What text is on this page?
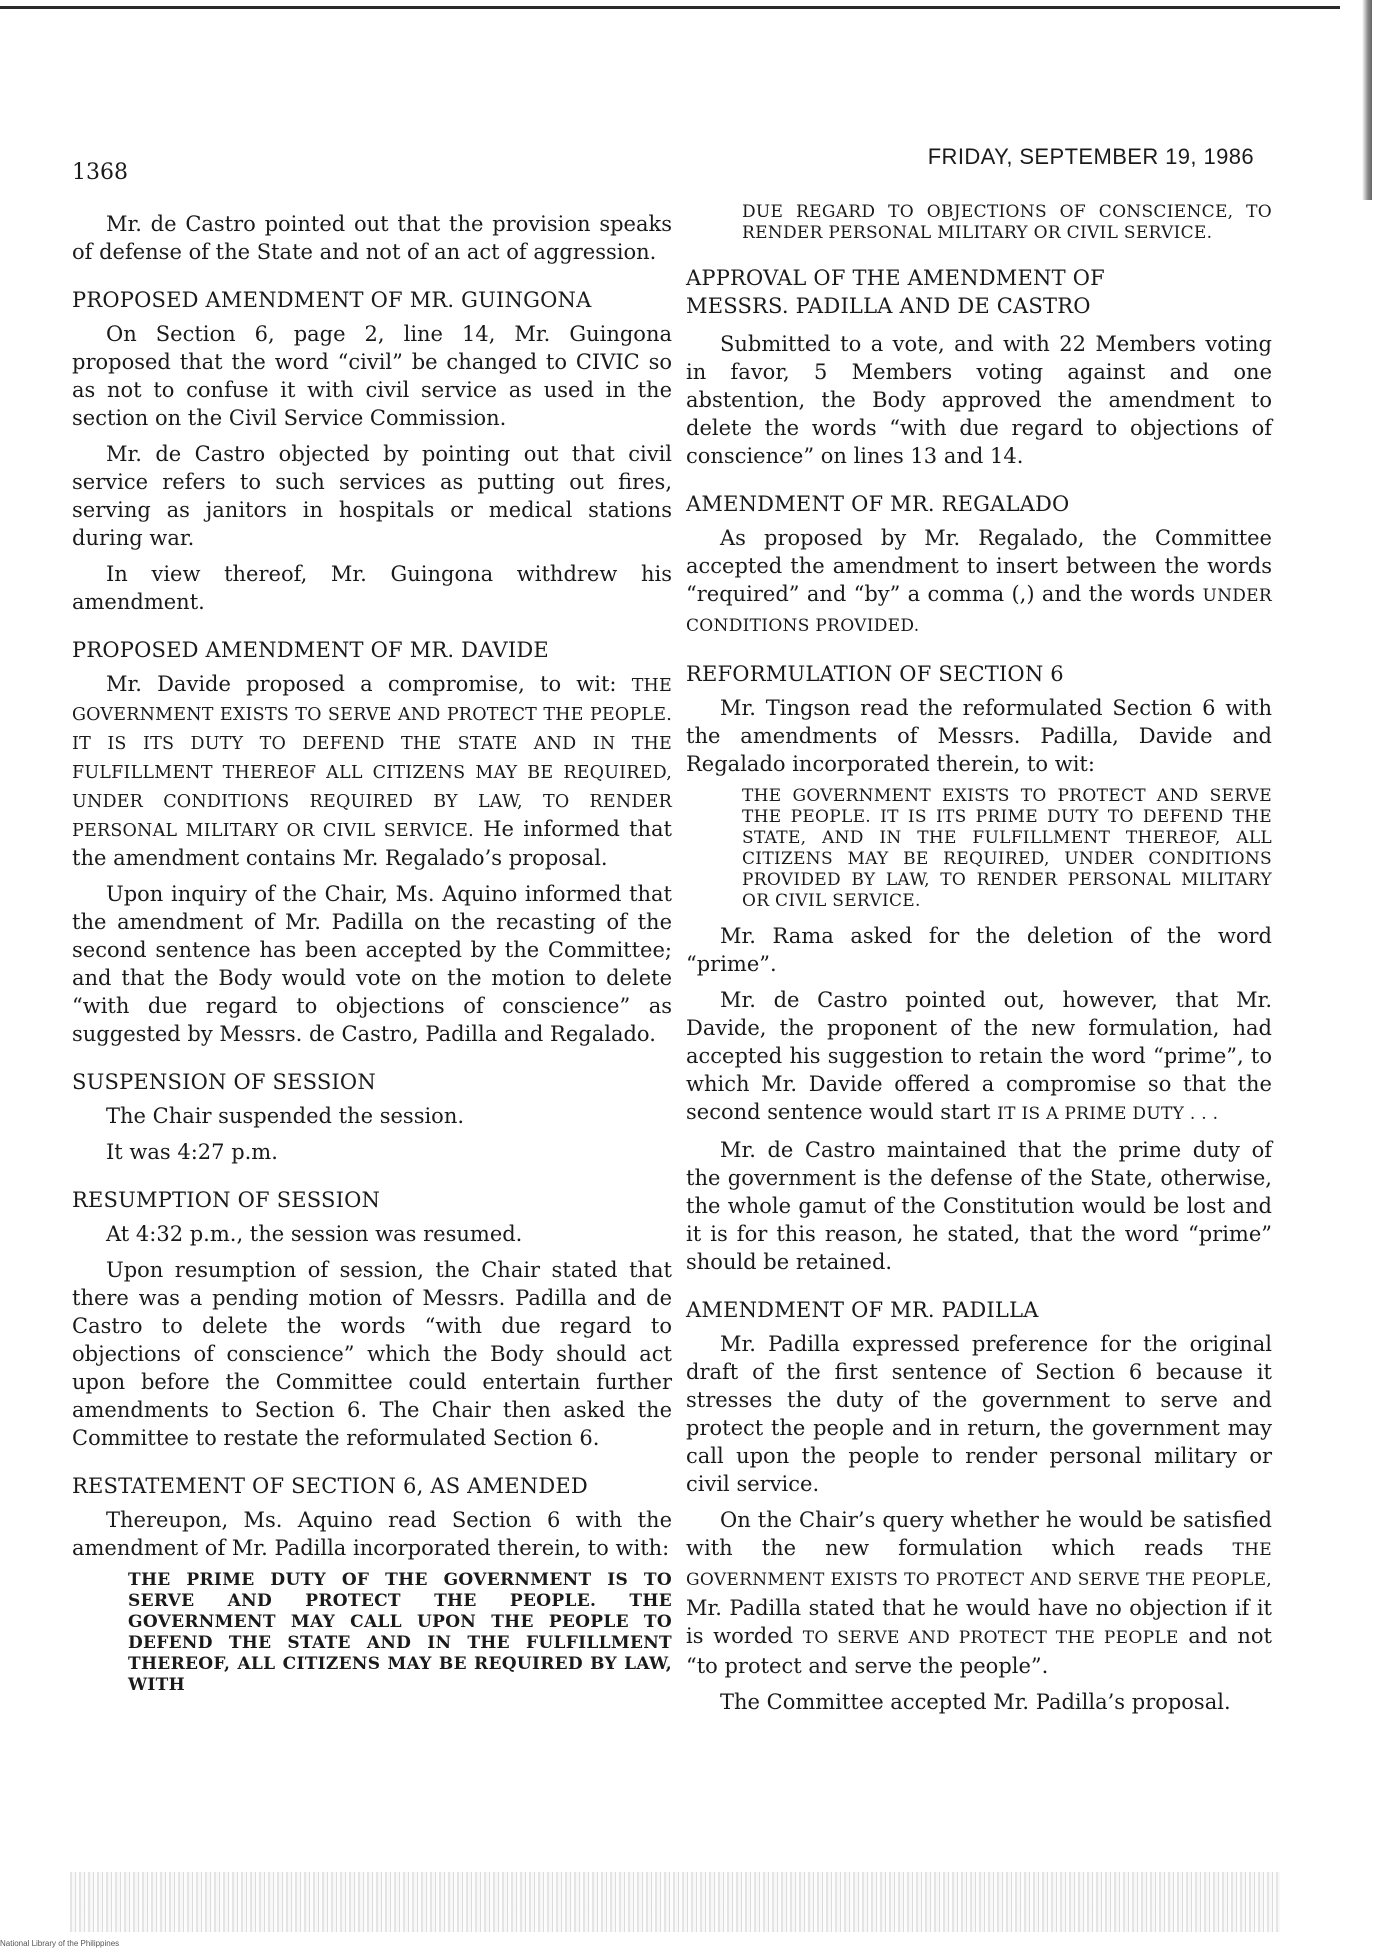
1368
FRIDAY, SEPTEMBER 19, 1986

Mr. de Castro pointed out that the provision speaks of defense of the State and not of an act of aggression.

PROPOSED AMENDMENT OF MR. GUINGONA

On Section 6, page 2, line 14, Mr. Guingona proposed that the word “civil” be changed to CIVIC so as not to confuse it with civil service as used in the section on the Civil Service Commission.

Mr. de Castro objected by pointing out that civil service refers to such services as putting out fires, serving as janitors in hospitals or medical stations during war.

In view thereof, Mr. Guingona withdrew his amendment.

PROPOSED AMENDMENT OF MR. DAVIDE

Mr. Davide proposed a compromise, to wit: THE GOVERNMENT EXISTS TO SERVE AND PROTECT THE PEOPLE. IT IS ITS DUTY TO DEFEND THE STATE AND IN THE FULFILLMENT THEREOF ALL CITIZENS MAY BE REQUIRED, UNDER CONDITIONS REQUIRED BY LAW, TO RENDER PERSONAL MILITARY OR CIVIL SERVICE. He informed that the amendment contains Mr. Regalado’s proposal.

Upon inquiry of the Chair, Ms. Aquino informed that the amendment of Mr. Padilla on the recasting of the second sentence has been accepted by the Committee; and that the Body would vote on the motion to delete “with due regard to objections of conscience” as suggested by Messrs. de Castro, Padilla and Regalado.

SUSPENSION OF SESSION

The Chair suspended the session.

It was 4:27 p.m.

RESUMPTION OF SESSION

At 4:32 p.m., the session was resumed.

Upon resumption of session, the Chair stated that there was a pending motion of Messrs. Padilla and de Castro to delete the words “with due regard to objections of conscience” which the Body should act upon before the Committee could entertain further amendments to Section 6. The Chair then asked the Committee to restate the reformulated Section 6.

RESTATEMENT OF SECTION 6, AS AMENDED

Thereupon, Ms. Aquino read Section 6 with the amendment of Mr. Padilla incorporated therein, to with:

THE PRIME DUTY OF THE GOVERNMENT IS TO SERVE AND PROTECT THE PEOPLE. THE GOVERNMENT MAY CALL UPON THE PEOPLE TO DEFEND THE STATE AND IN THE FULFILLMENT THEREOF, ALL CITIZENS MAY BE REQUIRED BY LAW, WITH
DUE REGARD TO OBJECTIONS OF CONSCIENCE, TO RENDER PERSONAL MILITARY OR CIVIL SERVICE.
APPROVAL OF THE AMENDMENT OF
MESSRS. PADILLA AND DE CASTRO

Submitted to a vote, and with 22 Members voting in favor, 5 Members voting against and one abstention, the Body approved the amendment to delete the words “with due regard to objections of conscience” on lines 13 and 14.

AMENDMENT OF MR. REGALADO

As proposed by Mr. Regalado, the Committee accepted the amendment to insert between the words “required” and “by” a comma (,) and the words UNDER CONDITIONS PROVIDED.

REFORMULATION OF SECTION 6

Mr. Tingson read the reformulated Section 6 with the amendments of Messrs. Padilla, Davide and Regalado incorporated therein, to wit:

THE GOVERNMENT EXISTS TO PROTECT AND SERVE THE PEOPLE. IT IS ITS PRIME DUTY TO DEFEND THE STATE, AND IN THE FULFILLMENT THEREOF, ALL CITIZENS MAY BE REQUIRED, UNDER CONDITIONS PROVIDED BY LAW, TO RENDER PERSONAL MILITARY OR CIVIL SERVICE.

Mr. Rama asked for the deletion of the word “prime”.

Mr. de Castro pointed out, however, that Mr. Davide, the proponent of the new formulation, had accepted his suggestion to retain the word “prime”, to which Mr. Davide offered a compromise so that the second sentence would start IT IS A PRIME DUTY . . .

Mr. de Castro maintained that the prime duty of the government is the defense of the State, otherwise, the whole gamut of the Constitution would be lost and it is for this reason, he stated, that the word “prime” should be retained.

AMENDMENT OF MR. PADILLA

Mr. Padilla expressed preference for the original draft of the first sentence of Section 6 because it stresses the duty of the government to serve and protect the people and in return, the government may call upon the people to render personal military or civil service.

On the Chair’s query whether he would be satisfied with the new formulation which reads THE GOVERNMENT EXISTS TO PROTECT AND SERVE THE PEOPLE, Mr. Padilla stated that he would have no objection if it is worded TO SERVE AND PROTECT THE PEOPLE and not “to protect and serve the people”.

The Committee accepted Mr. Padilla’s proposal.

National Library of the Philippines
